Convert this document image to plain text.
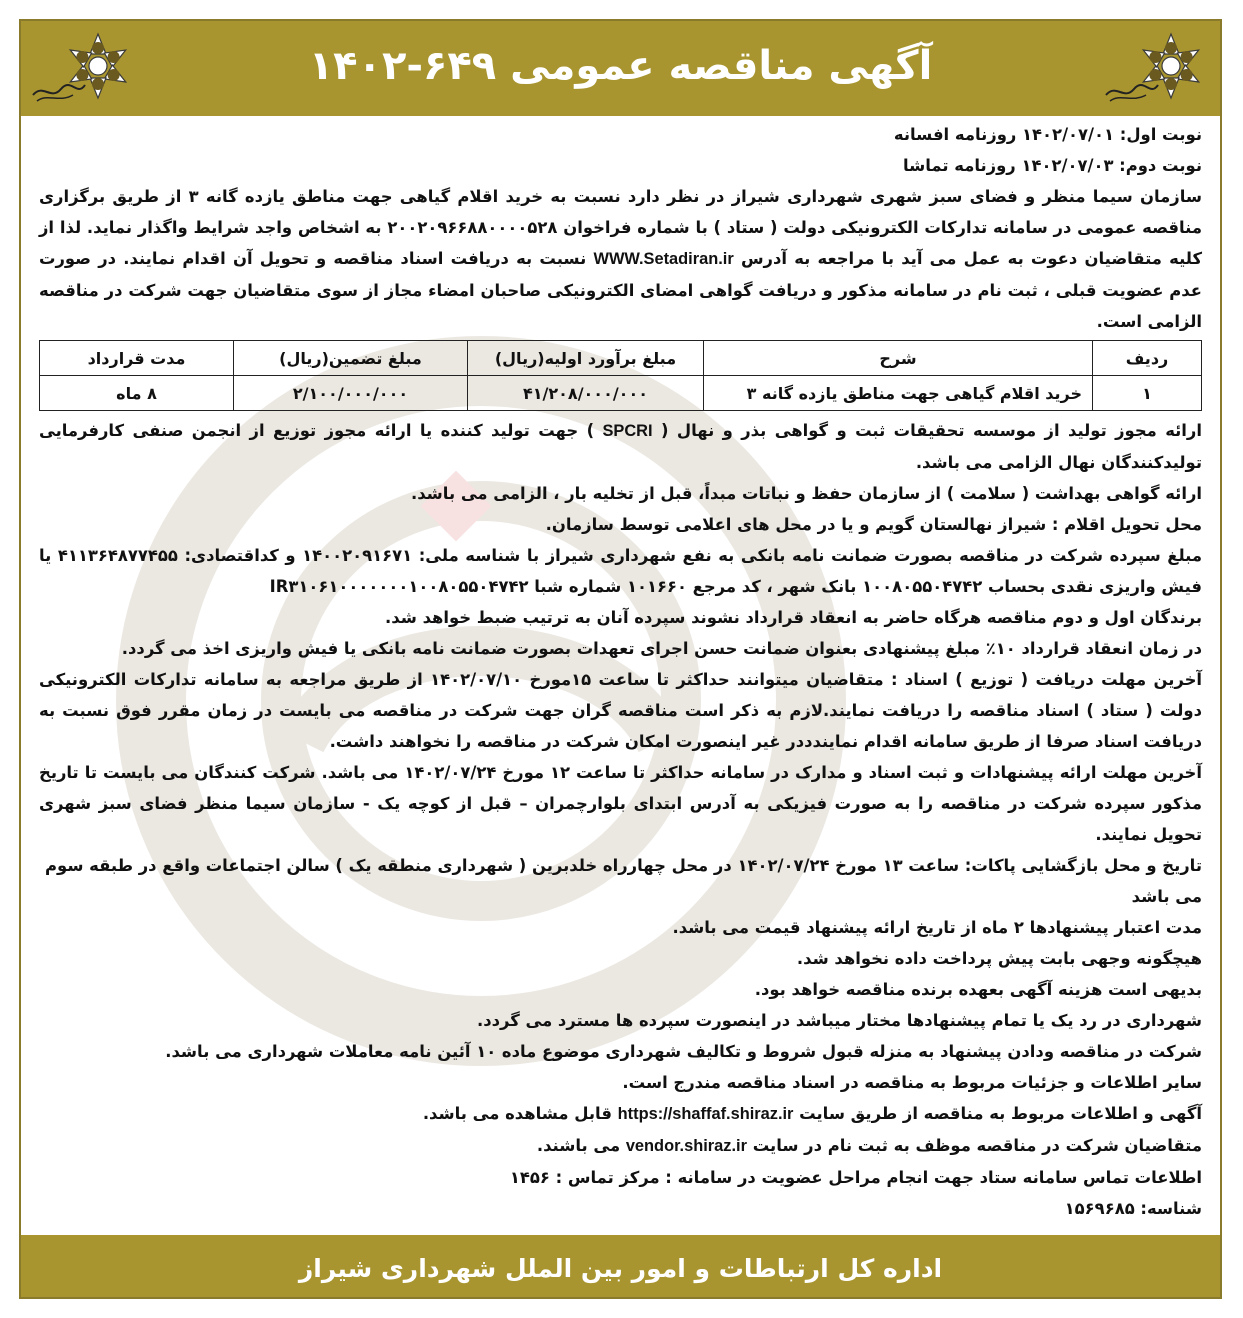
آگهی مناقصه عمومی ۶۴۹-۱۴۰۲

نوبت اول: ۱۴۰۲/۰۷/۰۱ روزنامه افسانه

نوبت دوم: ۱۴۰۲/۰۷/۰۳ روزنامه تماشا

سازمان سیما منظر و فضای سبز شهری شهرداری شیراز در نظر دارد نسبت به خرید اقلام گیاهی جهت مناطق یازده گانه ۳ از طریق برگزاری مناقصه عمومی در سامانه تدارکات الکترونیکی دولت ( ستاد ) با شماره فراخوان ۲۰۰۲۰۹۶۶۸۸۰۰۰۰۵۲۸ به اشخاص واجد شرایط واگذار نماید. لذا از کلیه متقاضیان دعوت به عمل می آید با مراجعه به آدرس WWW.Setadiran.ir نسبت به دریافت اسناد مناقصه و تحویل آن اقدام نمایند. در صورت عدم عضویت قبلی ، ثبت نام در سامانه مذکور و دریافت گواهی امضای الکترونیکی صاحبان امضاء مجاز از سوی متقاضیان جهت شرکت در مناقصه الزامی است.

ردیف	شرح	مبلغ برآورد اولیه(ریال)	مبلغ تضمین(ریال)	مدت قرارداد
۱	خرید اقلام گیاهی جهت مناطق یازده گانه ۳	۴۱/۲۰۸/۰۰۰/۰۰۰	۲/۱۰۰/۰۰۰/۰۰۰	۸ ماه

ارائه مجوز تولید از موسسه تحقیقات ثبت و گواهی بذر و نهال ( SPCRI ) جهت تولید کننده یا ارائه مجوز توزیع از انجمن صنفی کارفرمایی تولیدکنندگان نهال الزامی می باشد.

ارائه گواهی بهداشت ( سلامت ) از سازمان حفظ و نباتات مبداً، قبل از تخلیه بار ، الزامی می باشد.

محل تحویل اقلام : شیراز نهالستان گویم و یا در محل های اعلامی توسط سازمان.

مبلغ سپرده شرکت در مناقصه بصورت ضمانت نامه بانکی به نفع شهرداری شیراز با شناسه ملی: ۱۴۰۰۲۰۹۱۶۷۱ و کداقتصادی: ۴۱۱۳۶۴۸۷۷۴۵۵ یا فیش واریزی نقدی بحساب ۱۰۰۸۰۵۵۰۴۷۴۲ بانک شهر ، کد مرجع ۱۰۱۶۶۰ شماره شبا IR۳۱۰۶۱۰۰۰۰۰۰۰۱۰۰۸۰۵۵۰۴۷۴۲

برندگان اول و دوم مناقصه هرگاه حاضر به انعقاد قرارداد نشوند سپرده آنان به ترتیب ضبط خواهد شد.

در زمان انعقاد قرارداد ۱۰٪ مبلغ پیشنهادی بعنوان ضمانت حسن اجرای تعهدات بصورت ضمانت نامه بانکی یا فیش واریزی اخذ می گردد.

آخرین مهلت دریافت ( توزیع ) اسناد : متقاضیان میتوانند حداکثر تا ساعت ۱۵مورخ ۱۴۰۲/۰۷/۱۰ از طریق مراجعه به سامانه تدارکات الکترونیکی دولت ( ستاد ) اسناد مناقصه را دریافت نمایند.لازم به ذکر است مناقصه گران جهت شرکت در مناقصه می بایست در زمان مقرر فوق نسبت به دریافت اسناد صرفا از طریق سامانه اقدام نمایندددر غیر اینصورت امکان شرکت در مناقصه را نخواهند داشت.

آخرین مهلت ارائه پیشنهادات و ثبت اسناد و مدارک در سامانه حداکثر تا ساعت ۱۲ مورخ ۱۴۰۲/۰۷/۲۴ می باشد. شرکت کنندگان می بایست تا تاریخ مذکور سپرده شرکت در مناقصه را به صورت فیزیکی به آدرس ابتدای بلوارچمران – قبل از کوچه یک - سازمان سیما منظر فضای سبز شهری تحویل نمایند.

تاریخ و محل بازگشایی پاکات: ساعت ۱۳ مورخ ۱۴۰۲/۰۷/۲۴ در محل چهارراه خلدبرین ( شهرداری منطقه یک ) سالن اجتماعات واقع در طبقه سوم می باشد

مدت اعتبار پیشنهادها ۲ ماه از تاریخ ارائه پیشنهاد قیمت می باشد.

هیچگونه وجهی بابت پیش پرداخت داده نخواهد شد.

بدیهی است هزینه آگهی بعهده برنده مناقصه خواهد بود.

شهرداری در رد یک یا تمام پیشنهادها مختار میباشد در اینصورت سپرده ها مسترد می گردد.

شرکت در مناقصه ودادن پیشنهاد به منزله قبول شروط و تکالیف شهرداری موضوع ماده ۱۰ آئین نامه معاملات شهرداری می باشد.

سایر اطلاعات و جزئیات مربوط به مناقصه در اسناد مناقصه مندرج است.

آگهی و اطلاعات مربوط به مناقصه از طریق سایت https://shaffaf.shiraz.ir قابل مشاهده می باشد.

متقاضیان شرکت در مناقصه موظف به ثبت نام در سایت vendor.shiraz.ir می باشند.

اطلاعات تماس سامانه ستاد جهت انجام مراحل عضویت در سامانه : مرکز تماس : ۱۴۵۶

شناسه: ۱۵۶۹۶۸۵

اداره کل ارتباطات و امور بین الملل شهرداری شیراز
